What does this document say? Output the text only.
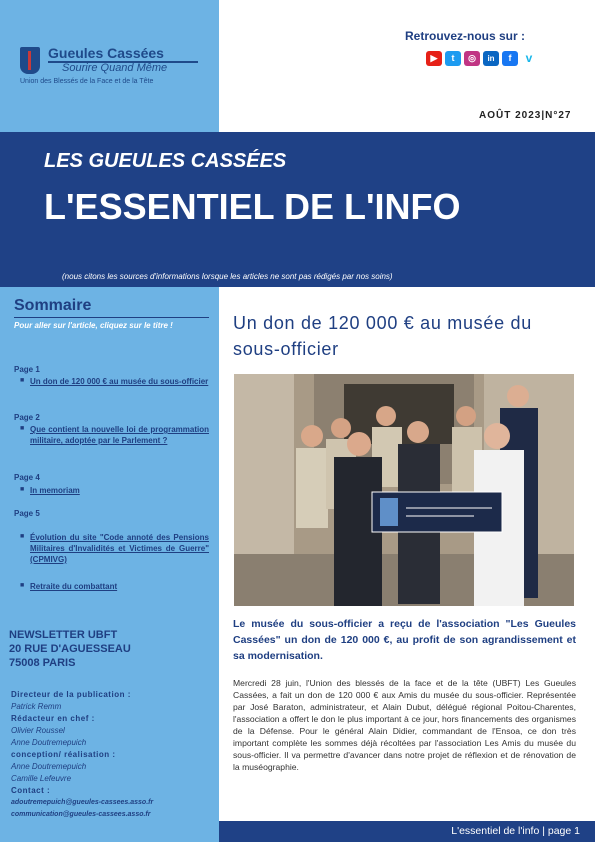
Gueules Cassées
Sourire Quand Même
Union des Blessés de la Face et de la Tête
Retrouvez-nous sur :
▶	t	◎	in	f	v
AOÛT 2023|N°27
LES GUEULES CASSÉES
L'ESSENTIEL DE L'INFO
(nous citons les sources d'informations lorsque les articles ne sont pas rédigés par nos soins)
Sommaire
Pour aller sur l'article, cliquez sur le titre !
Page 1
■ Un don de 120 000 € au musée du sous-officier
Page 2
■ Que contient la nouvelle loi de programmation militaire, adoptée par le Parlement ?
Page 4
■ In memoriam
Page 5
■ Évolution du site "Code annoté des Pensions Militaires d'Invalidités et Victimes de Guerre"(CPMIVG)
■ Retraite du combattant
NEWSLETTER UBFT
20 RUE D'AGUESSEAU
75008 PARIS
Directeur de la publication :
Patrick Remm
Rédacteur en chef :
Olivier Roussel
Anne Doutremepuich
conception/ réalisation :
Anne Doutremepuich
Camille Lefeuvre
Contact :
adoutremepuich@gueules-cassees.asso.fr
communication@gueules-cassees.asso.fr
Un don de 120 000 € au musée du sous-officier
Le musée du sous-officier a reçu de l'association "Les Gueules Cassées" un don de 120 000 €, au profit de son agrandissement et sa modernisation.
Mercredi 28 juin, l'Union des blessés de la face et de la tête (UBFT) Les Gueules Cassées, a fait un don de 120 000 € aux Amis du musée du sous-officier. Représentée par José Baraton, administrateur, et Alain Dubut, délégué régional Poitou-Charentes, l'association a offert le don le plus important à ce jour, hors financements des organismes de la Défense. Pour le général Alain Didier, commandant de l'Ensoa, ce don très important complète les sommes déjà récoltées par l'association Les Amis du musée du sous-officier. Il va permettre d'avancer dans notre projet de réflexion et de rénovation de la muséographie.
L'essentiel de l'info | page 1
